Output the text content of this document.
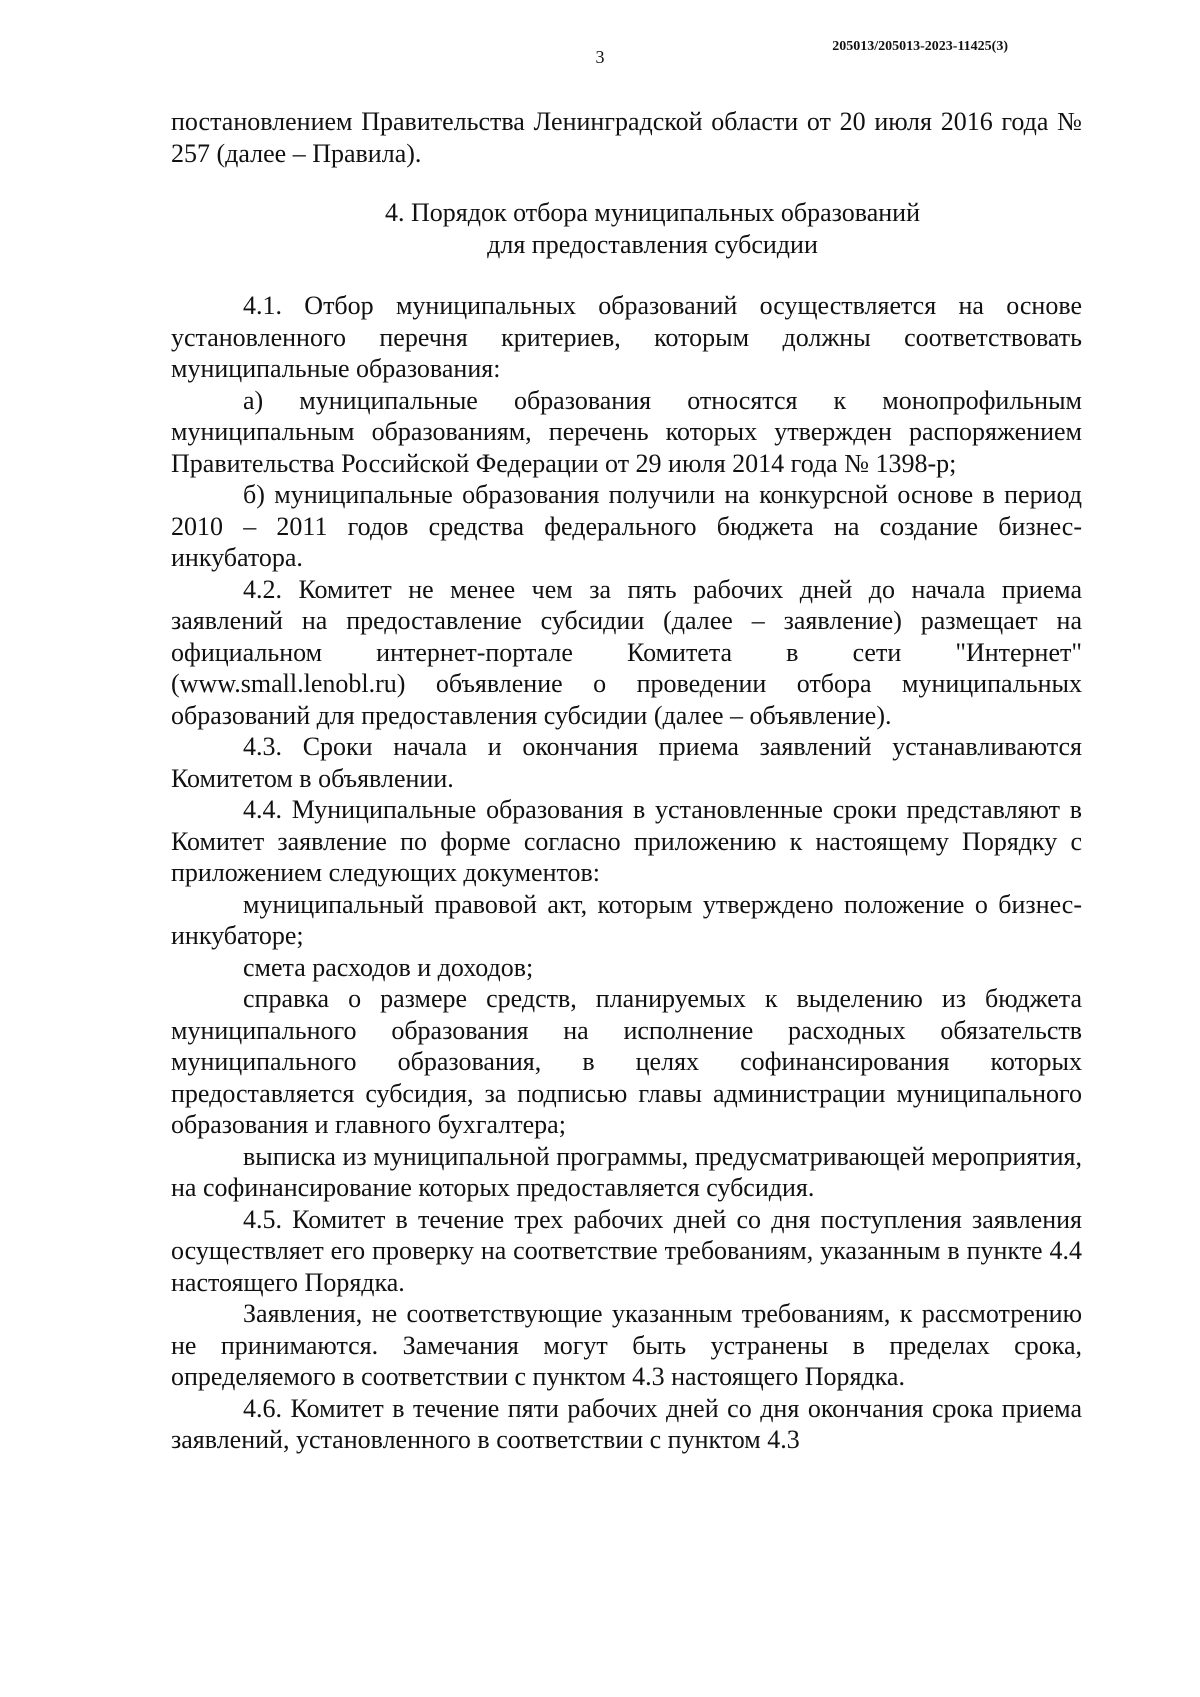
3
205013/205013-2023-11425(3)

постановлением Правительства Ленинградской области от 20 июля 2016 года № 257 (далее – Правила).

4. Порядок отбора муниципальных образований

для предоставления субсидии

4.1. Отбор муниципальных образований осуществляется на основе установленного перечня критериев, которым должны соответствовать муниципальные образования:

а) муниципальные образования относятся к монопрофильным муниципальным образованиям, перечень которых утвержден распоряжением Правительства Российской Федерации от 29 июля 2014 года № 1398-р;

б) муниципальные образования получили на конкурсной основе в период 2010 – 2011 годов средства федерального бюджета на создание бизнес-инкубатора.

4.2. Комитет не менее чем за пять рабочих дней до начала приема заявлений на предоставление субсидии (далее – заявление) размещает на официальном интернет-портале Комитета в сети "Интернет" (www.small.lenobl.ru) объявление о проведении отбора муниципальных образований для предоставления субсидии (далее – объявление).

4.3. Сроки начала и окончания приема заявлений устанавливаются Комитетом в объявлении.

4.4. Муниципальные образования в установленные сроки представляют в Комитет заявление по форме согласно приложению к настоящему Порядку с приложением следующих документов:

муниципальный правовой акт, которым утверждено положение о бизнес-инкубаторе;

смета расходов и доходов;

справка о размере средств, планируемых к выделению из бюджета муниципального образования на исполнение расходных обязательств муниципального образования, в целях софинансирования которых предоставляется субсидия, за подписью главы администрации муниципального образования и главного бухгалтера;

выписка из муниципальной программы, предусматривающей мероприятия, на софинансирование которых предоставляется субсидия.

4.5. Комитет в течение трех рабочих дней со дня поступления заявления осуществляет его проверку на соответствие требованиям, указанным в пункте 4.4 настоящего Порядка.

Заявления, не соответствующие указанным требованиям, к рассмотрению не принимаются. Замечания могут быть устранены в пределах срока, определяемого в соответствии с пунктом 4.3 настоящего Порядка.

4.6. Комитет в течение пяти рабочих дней со дня окончания срока приема заявлений, установленного в соответствии с пунктом 4.3
